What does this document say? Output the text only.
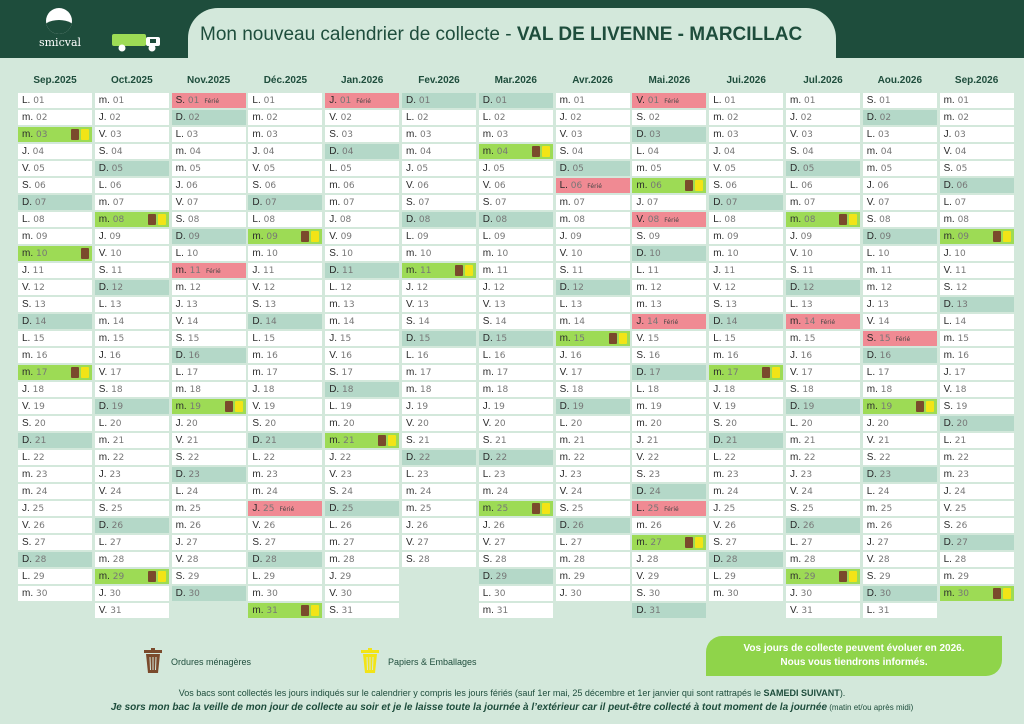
smicval	Mon nouveau calendrier de collecte - VAL DE LIVENNE - MARCILLAC
Sep.2025
L. 01
m. 02
m. 03
J. 04
V. 05
S. 06
D. 07
L. 08
m. 09
m. 10
J. 11
V. 12
S. 13
D. 14
L. 15
m. 16
m. 17
J. 18
V. 19
S. 20
D. 21
L. 22
m. 23
m. 24
J. 25
V. 26
S. 27
D. 28
L. 29
m. 30
Oct.2025
m. 01
J. 02
V. 03
S. 04
D. 05
L. 06
m. 07
m. 08
J. 09
V. 10
S. 11
D. 12
L. 13
m. 14
m. 15
J. 16
V. 17
S. 18
D. 19
L. 20
m. 21
m. 22
J. 23
V. 24
S. 25
D. 26
L. 27
m. 28
m. 29
J. 30
V. 31
Nov.2025
S. 01 Férié
D. 02
L. 03
m. 04
m. 05
J. 06
V. 07
S. 08
D. 09
L. 10
m. 11 Férié
m. 12
J. 13
V. 14
S. 15
D. 16
L. 17
m. 18
m. 19
J. 20
V. 21
S. 22
D. 23
L. 24
m. 25
m. 26
J. 27
V. 28
S. 29
D. 30
Déc.2025
L. 01
m. 02
m. 03
J. 04
V. 05
S. 06
D. 07
L. 08
m. 09
m. 10
J. 11
V. 12
S. 13
D. 14
L. 15
m. 16
m. 17
J. 18
V. 19
S. 20
D. 21
L. 22
m. 23
m. 24
J. 25 Férié
V. 26
S. 27
D. 28
L. 29
m. 30
m. 31
Jan.2026
J. 01 Férié
V. 02
S. 03
D. 04
L. 05
m. 06
m. 07
J. 08
V. 09
S. 10
D. 11
L. 12
m. 13
m. 14
J. 15
V. 16
S. 17
D. 18
L. 19
m. 20
m. 21
J. 22
V. 23
S. 24
D. 25
L. 26
m. 27
m. 28
J. 29
V. 30
S. 31
Fev.2026
D. 01
L. 02
m. 03
m. 04
J. 05
V. 06
S. 07
D. 08
L. 09
m. 10
m. 11
J. 12
V. 13
S. 14
D. 15
L. 16
m. 17
m. 18
J. 19
V. 20
S. 21
D. 22
L. 23
m. 24
m. 25
J. 26
V. 27
S. 28
Mar.2026
D. 01
L. 02
m. 03
m. 04
J. 05
V. 06
S. 07
D. 08
L. 09
m. 10
m. 11
J. 12
V. 13
S. 14
D. 15
L. 16
m. 17
m. 18
J. 19
V. 20
S. 21
D. 22
L. 23
m. 24
m. 25
J. 26
V. 27
S. 28
D. 29
L. 30
m. 31
Avr.2026
m. 01
J. 02
V. 03
S. 04
D. 05
L. 06 Férié
m. 07
m. 08
J. 09
V. 10
S. 11
D. 12
L. 13
m. 14
m. 15
J. 16
V. 17
S. 18
D. 19
L. 20
m. 21
m. 22
J. 23
V. 24
S. 25
D. 26
L. 27
m. 28
m. 29
J. 30
Mai.2026
V. 01 Férié
S. 02
D. 03
L. 04
m. 05
m. 06
J. 07
V. 08 Férié
S. 09
D. 10
L. 11
m. 12
m. 13
J. 14 Férié
V. 15
S. 16
D. 17
L. 18
m. 19
m. 20
J. 21
V. 22
S. 23
D. 24
L. 25 Férié
m. 26
m. 27
J. 28
V. 29
S. 30
D. 31
Jui.2026
L. 01
m. 02
m. 03
J. 04
V. 05
S. 06
D. 07
L. 08
m. 09
m. 10
J. 11
V. 12
S. 13
D. 14
L. 15
m. 16
m. 17
J. 18
V. 19
S. 20
D. 21
L. 22
m. 23
m. 24
J. 25
V. 26
S. 27
D. 28
L. 29
m. 30
Jul.2026
m. 01
J. 02
V. 03
S. 04
D. 05
L. 06
m. 07
m. 08
J. 09
V. 10
S. 11
D. 12
L. 13
m. 14 Férié
m. 15
J. 16
V. 17
S. 18
D. 19
L. 20
m. 21
m. 22
J. 23
V. 24
S. 25
D. 26
L. 27
m. 28
m. 29
J. 30
V. 31
Aou.2026
S. 01
D. 02
L. 03
m. 04
m. 05
J. 06
V. 07
S. 08
D. 09
L. 10
m. 11
m. 12
J. 13
V. 14
S. 15 Férié
D. 16
L. 17
m. 18
m. 19
J. 20
V. 21
S. 22
D. 23
L. 24
m. 25
m. 26
J. 27
V. 28
S. 29
D. 30
L. 31
Sep.2026
m. 01
m. 02
J. 03
V. 04
S. 05
D. 06
L. 07
m. 08
m. 09
J. 10
V. 11
S. 12
D. 13
L. 14
m. 15
m. 16
J. 17
V. 18
S. 19
D. 20
L. 21
m. 22
m. 23
J. 24
V. 25
S. 26
D. 27
L. 28
m. 29
m. 30
Ordures ménagères	Papiers & Emballages
Vos jours de collecte peuvent évoluer en 2026.
Nous vous tiendrons informés.
Vos bacs sont collectés les jours indiqués sur le calendrier y compris les jours fériés (sauf 1er mai, 25 décembre et 1er janvier qui sont rattrapés le SAMEDI SUIVANT).
Je sors mon bac la veille de mon jour de collecte au soir et je le laisse toute la journée à l’extérieur car il peut-être collecté à tout moment de la journée (matin et/ou après midi)
